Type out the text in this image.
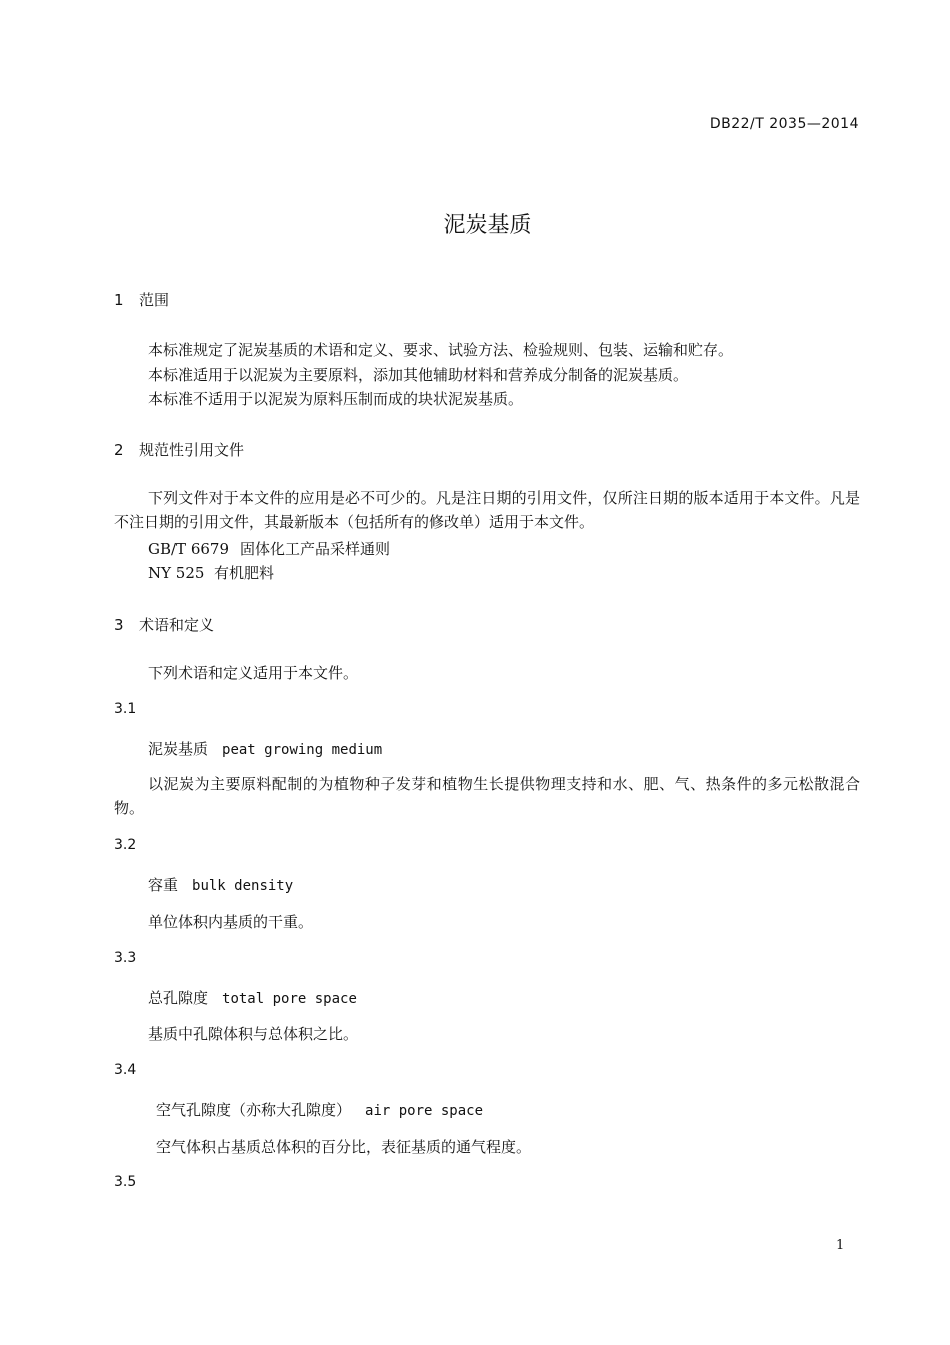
DB22/T 2035—2014
泥炭基质
1 范围
本标准规定了泥炭基质的术语和定义、要求、试验方法、检验规则、包装、运输和贮存。
本标准适用于以泥炭为主要原料，添加其他辅助材料和营养成分制备的泥炭基质。
本标准不适用于以泥炭为原料压制而成的块状泥炭基质。
2 规范性引用文件
下列文件对于本文件的应用是必不可少的。凡是注日期的引用文件，仅所注日期的版本适用于本文件。凡是不注日期的引用文件，其最新版本（包括所有的修改单）适用于本文件。
GB/T 6679 固体化工产品采样通则
NY 525 有机肥料
3 术语和定义
下列术语和定义适用于本文件。
3.1
泥炭基质 peat growing medium
以泥炭为主要原料配制的为植物种子发芽和植物生长提供物理支持和水、肥、气、热条件的多元松散混合物。
3.2
容重 bulk density
单位体积内基质的干重。
3.3
总孔隙度 total pore space
基质中孔隙体积与总体积之比。
3.4
空气孔隙度（亦称大孔隙度） air pore space
空气体积占基质总体积的百分比，表征基质的通气程度。
3.5
1
